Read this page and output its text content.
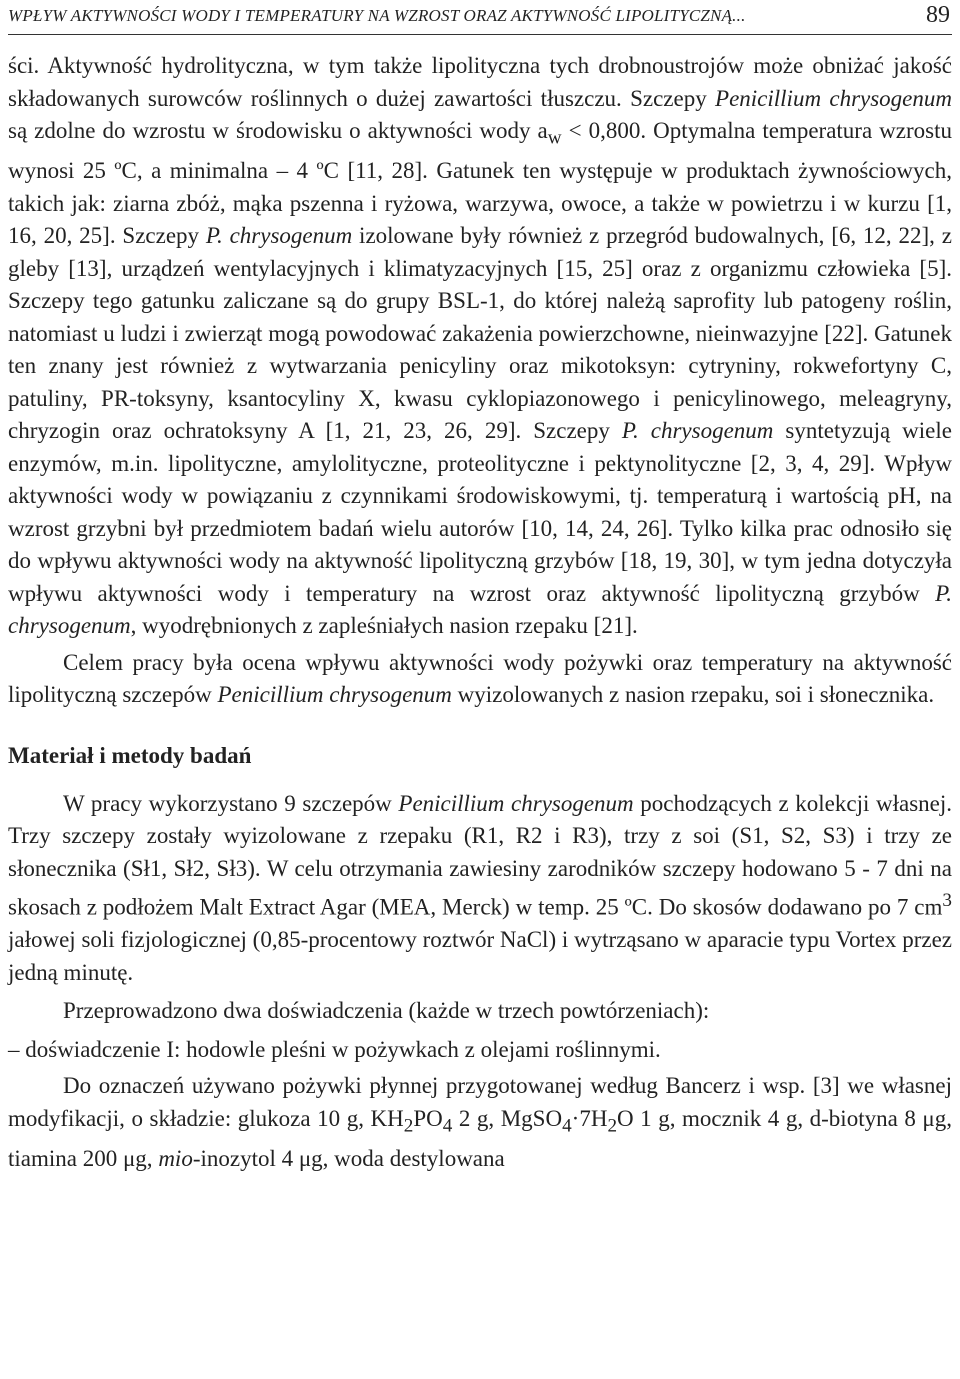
WPŁYW AKTYWNOŚCI WODY I TEMPERATURY NA WZROST ORAZ AKTYWNOŚĆ LIPOLITYCZNĄ...	89

ści. Aktywność hydrolityczna, w tym także lipolityczna tych drobnoustrojów może obniżać jakość składowanych surowców roślinnych o dużej zawartości tłuszczu. Szczepy Penicillium chrysogenum są zdolne do wzrostu w środowisku o aktywności wody $a_w < 0,800$. Optymalna temperatura wzrostu wynosi 25 ºC, a minimalna – 4 ºC [11, 28]. Gatunek ten występuje w produktach żywnościowych, takich jak: ziarna zbóż, mąka pszenna i ryżowa, warzywa, owoce, a także w powietrzu i w kurzu [1, 16, 20, 25]. Szczepy P. chrysogenum izolowane były również z przegród budowalnych, [6, 12, 22], z gleby [13], urządzeń wentylacyjnych i klimatyzacyjnych [15, 25] oraz z organizmu człowieka [5]. Szczepy tego gatunku zaliczane są do grupy BSL-1, do której należą saprofity lub patogeny roślin, natomiast u ludzi i zwierząt mogą powodować zakażenia powierzchowne, nieinwazyjne [22]. Gatunek ten znany jest również z wytwarzania penicyliny oraz mikotoksyn: cytryniny, rokwefortyny C, patuliny, PR-toksyny, ksantocyliny X, kwasu cyklopiazonowego i penicylinowego, meleagryny, chryzogin oraz ochratoksyny A [1, 21, 23, 26, 29]. Szczepy P. chrysogenum syntetyzują wiele enzymów, m.in. lipolityczne, amylolityczne, proteolityczne i pektynolityczne [2, 3, 4, 29]. Wpływ aktywności wody w powiązaniu z czynnikami środowiskowymi, tj. temperaturą i wartością pH, na wzrost grzybni był przedmiotem badań wielu autorów [10, 14, 24, 26]. Tylko kilka prac odnosiło się do wpływu aktywności wody na aktywność lipolityczną grzybów [18, 19, 30], w tym jedna dotyczyła wpływu aktywności wody i temperatury na wzrost oraz aktywność lipolityczną grzybów P. chrysogenum, wyodrębnionych z zapleśniałych nasion rzepaku [21].

Celem pracy była ocena wpływu aktywności wody pożywki oraz temperatury na aktywność lipolityczną szczepów Penicillium chrysogenum wyizolowanych z nasion rzepaku, soi i słonecznika.

Materiał i metody badań

W pracy wykorzystano 9 szczepów Penicillium chrysogenum pochodzących z kolekcji własnej. Trzy szczepy zostały wyizolowane z rzepaku (R1, R2 i R3), trzy z soi (S1, S2, S3) i trzy ze słonecznika (Sł1, Sł2, Sł3). W celu otrzymania zawiesiny zarodników szczepy hodowano 5 - 7 dni na skosach z podłożem Malt Extract Agar (MEA, Merck) w temp. 25 ºC. Do skosów dodawano po 7 $cm^3$ jałowej soli fizjologicznej (0,85-procentowy roztwór NaCl) i wytrząsano w aparacie typu Vortex przez jedną minutę.

Przeprowadzono dwa doświadczenia (każde w trzech powtórzeniach):

– doświadczenie I: hodowle pleśni w pożywkach z olejami roślinnymi.

Do oznaczeń używano pożywki płynnej przygotowanej według Bancerz i wsp. [3] we własnej modyfikacji, o składzie: glukoza 10 g, $KH_2PO_4$ 2 g, $MgSO_4\cdot 7H_2O$ 1 g, mocznik 4 g, d-biotyna 8 μg, tiamina 200 μg, mio-inozytol 4 μg, woda destylowana
